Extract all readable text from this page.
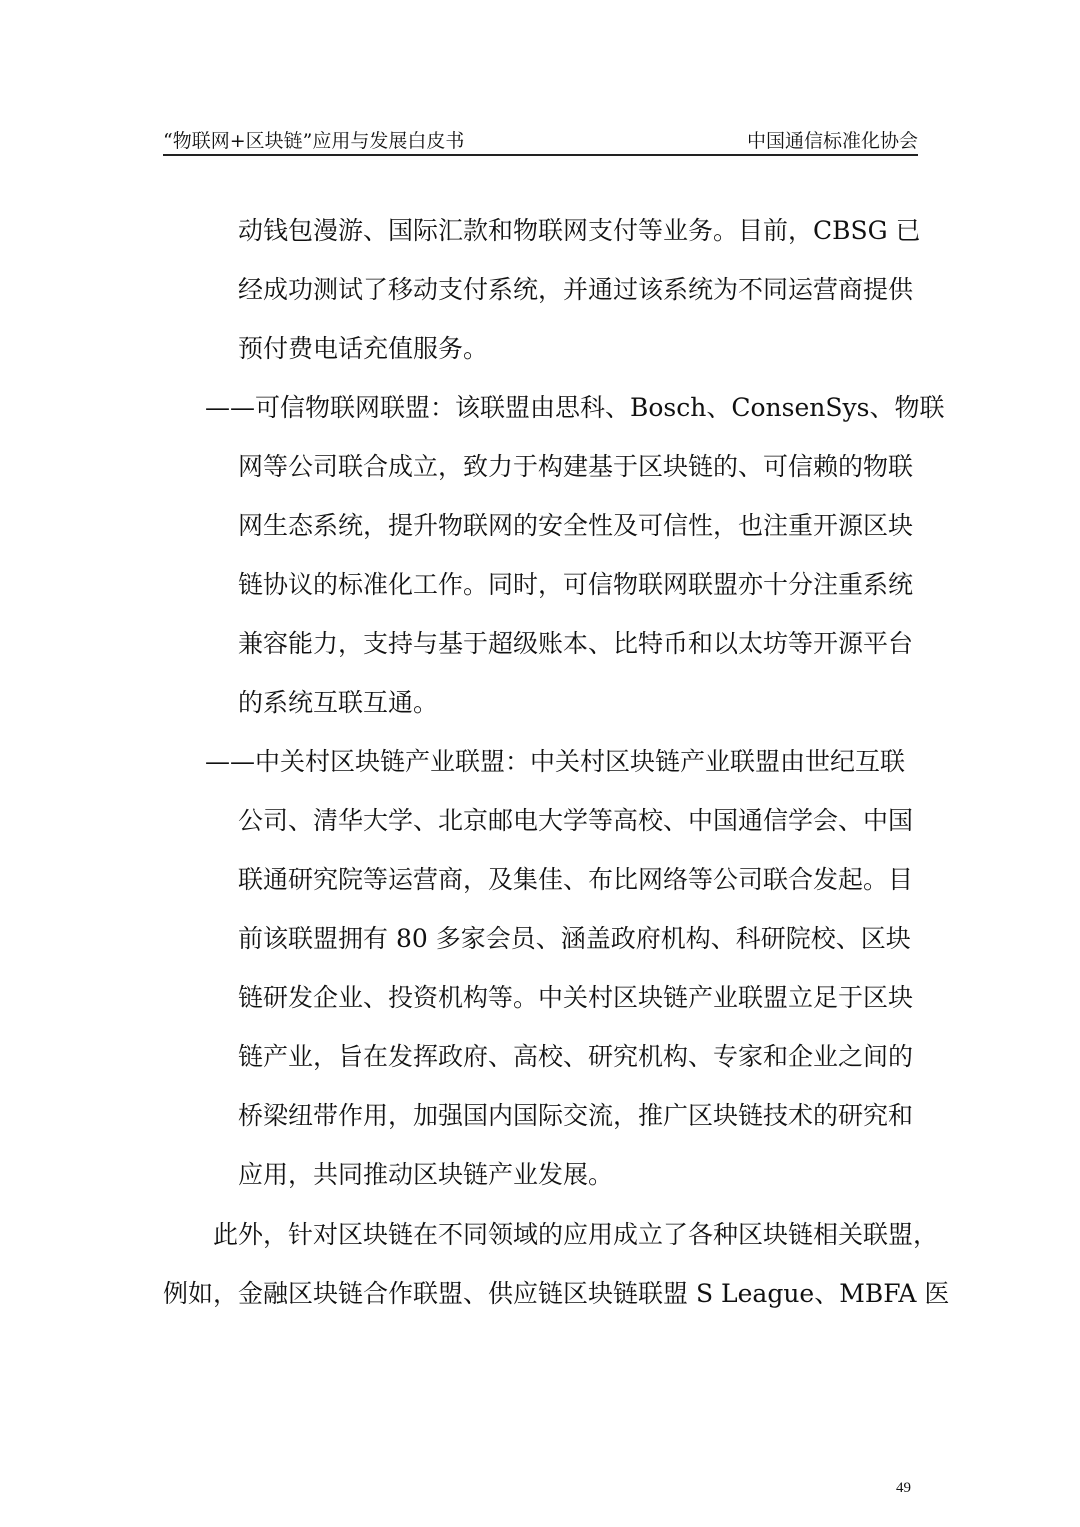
“物联网+区块链”应用与发展白皮书	中国通信标准化协会
动钱包漫游、国际汇款和物联网支付等业务。目前，CBSG 已
经成功测试了移动支付系统，并通过该系统为不同运营商提供
预付费电话充值服务。
——可信物联网联盟：该联盟由思科、Bosch、ConsenSys、物联
网等公司联合成立，致力于构建基于区块链的、可信赖的物联
网生态系统，提升物联网的安全性及可信性，也注重开源区块
链协议的标准化工作。同时，可信物联网联盟亦十分注重系统
兼容能力，支持与基于超级账本、比特币和以太坊等开源平台
的系统互联互通。
——中关村区块链产业联盟：中关村区块链产业联盟由世纪互联
公司、清华大学、北京邮电大学等高校、中国通信学会、中国
联通研究院等运营商，及集佳、布比网络等公司联合发起。目
前该联盟拥有 80 多家会员、涵盖政府机构、科研院校、区块
链研发企业、投资机构等。中关村区块链产业联盟立足于区块
链产业，旨在发挥政府、高校、研究机构、专家和企业之间的
桥梁纽带作用，加强国内国际交流，推广区块链技术的研究和
应用，共同推动区块链产业发展。
此外，针对区块链在不同领域的应用成立了各种区块链相关联盟，
例如，金融区块链合作联盟、供应链区块链联盟 S League、MBFA 医
49
